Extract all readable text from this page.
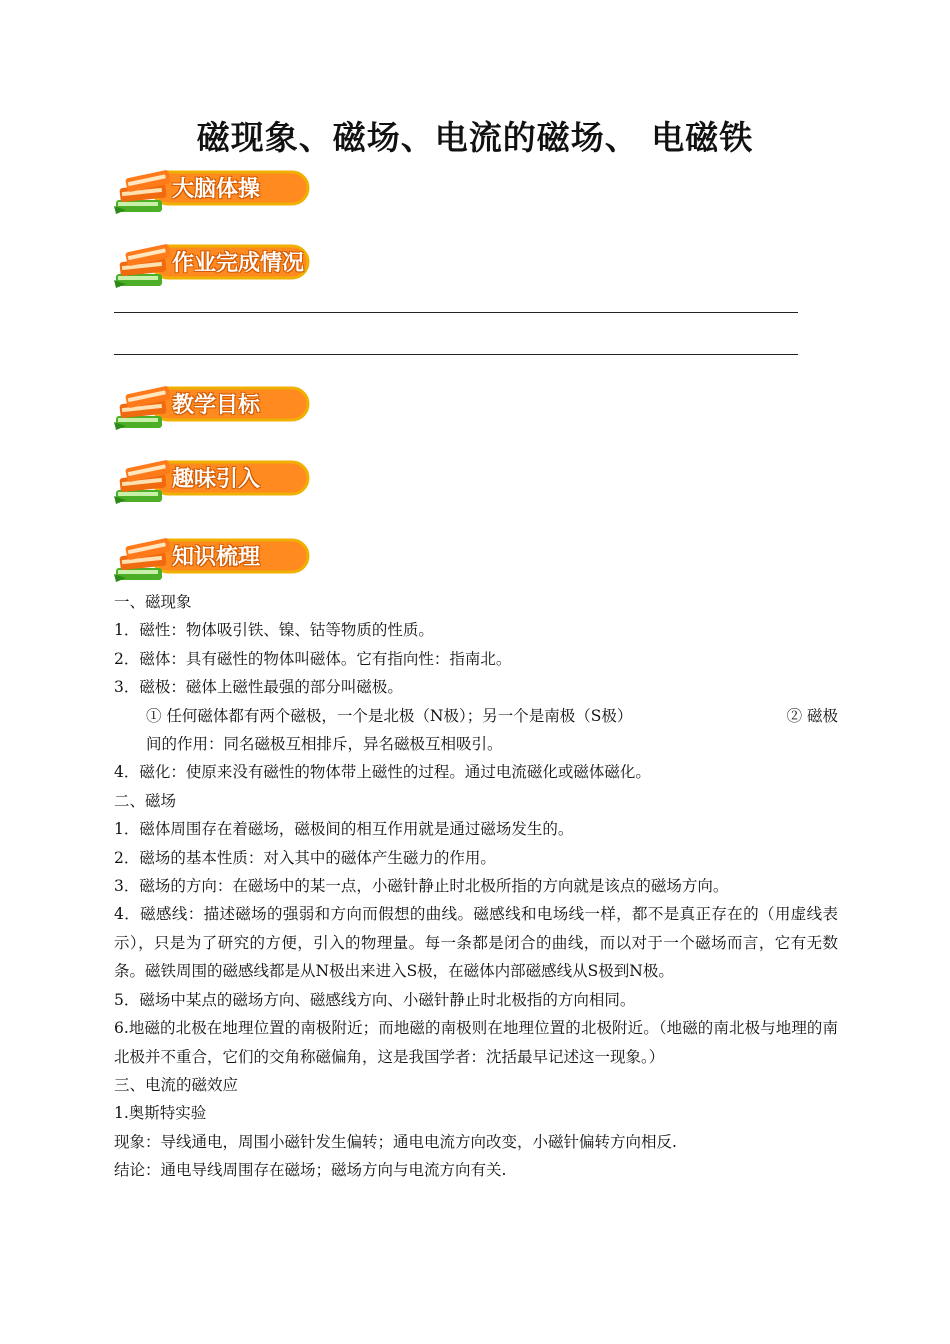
磁现象、磁场、电流的磁场、 电磁铁
大脑体操
作业完成情况
教学目标
趣味引入
知识梳理

一、磁现象

1．磁性：物体吸引铁、镍、钴等物质的性质。

2．磁体：具有磁性的物体叫磁体。它有指向性：指南北。

3．磁极：磁体上磁性最强的部分叫磁极。

① 任何磁体都有两个磁极，一个是北极（N极）；另一个是南极（S极）	② 磁极

间的作用：同名磁极互相排斥，异名磁极互相吸引。

4．磁化：使原来没有磁性的物体带上磁性的过程。通过电流磁化或磁体磁化。

二、磁场

1．磁体周围存在着磁场，磁极间的相互作用就是通过磁场发生的。

2．磁场的基本性质：对入其中的磁体产生磁力的作用。

3．磁场的方向：在磁场中的某一点，小磁针静止时北极所指的方向就是该点的磁场方向。

4．磁感线：描述磁场的强弱和方向而假想的曲线。磁感线和电场线一样，都不是真正存在的（用虚线表示），只是为了研究的方便，引入的物理量。每一条都是闭合的曲线，而以对于一个磁场而言，它有无数条。磁铁周围的磁感线都是从N极出来进入S极，在磁体内部磁感线从S极到N极。

5．磁场中某点的磁场方向、磁感线方向、小磁针静止时北极指的方向相同。

6.地磁的北极在地理位置的南极附近；而地磁的南极则在地理位置的北极附近。（地磁的南北极与地理的南北极并不重合，它们的交角称磁偏角，这是我国学者：沈括最早记述这一现象。）

三、电流的磁效应

1.奥斯特实验

现象：导线通电，周围小磁针发生偏转；通电电流方向改变，小磁针偏转方向相反.

结论：通电导线周围存在磁场；磁场方向与电流方向有关.
